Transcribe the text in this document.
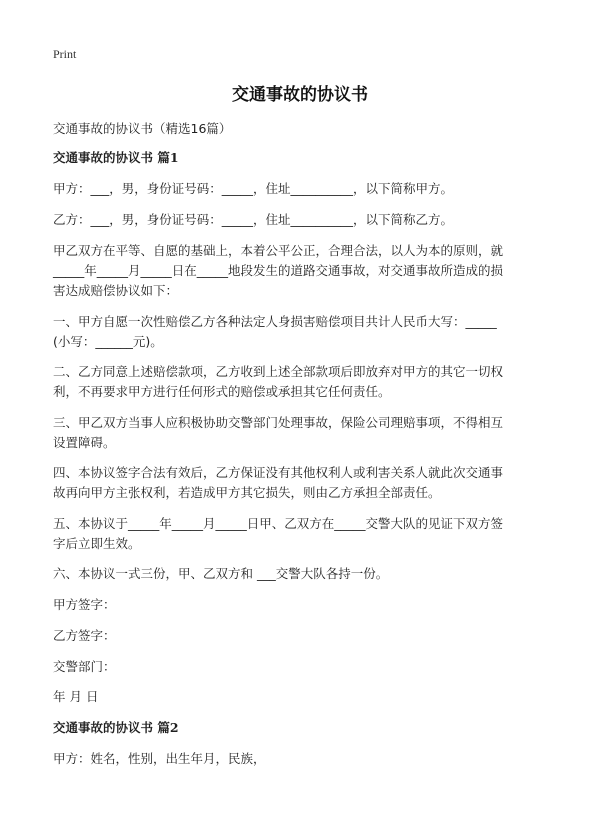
Print
交通事故的协议书

交通事故的协议书（精选16篇）

交通事故的协议书 篇1

甲方：___，男，身份证号码：_____，住址__________，以下简称甲方。

乙方：___，男，身份证号码：_____，住址__________，以下简称乙方。

甲乙双方在平等、自愿的基础上，本着公平公正，合理合法，以人为本的原则，就

_____年_____月_____日在_____地段发生的道路交通事故，对交通事故所造成的损

害达成赔偿协议如下：

一、甲方自愿一次性赔偿乙方各种法定人身损害赔偿项目共计人民币大写：_____

(小写：______元)。

二、乙方同意上述赔偿款项，乙方收到上述全部款项后即放弃对甲方的其它一切权

利，不再要求甲方进行任何形式的赔偿或承担其它任何责任。

三、甲乙双方当事人应积极协助交警部门处理事故，保险公司理赔事项，不得相互

设置障碍。

四、本协议签字合法有效后，乙方保证没有其他权利人或利害关系人就此次交通事

故再向甲方主张权利，若造成甲方其它损失，则由乙方承担全部责任。

五、本协议于_____年_____月_____日甲、乙双方在_____交警大队的见证下双方签

字后立即生效。

六、本协议一式三份，甲、乙双方和 ___交警大队各持一份。

甲方签字：

乙方签字：

交警部门：

年 月 日

交通事故的协议书 篇2

甲方：姓名，性别，出生年月，民族，
